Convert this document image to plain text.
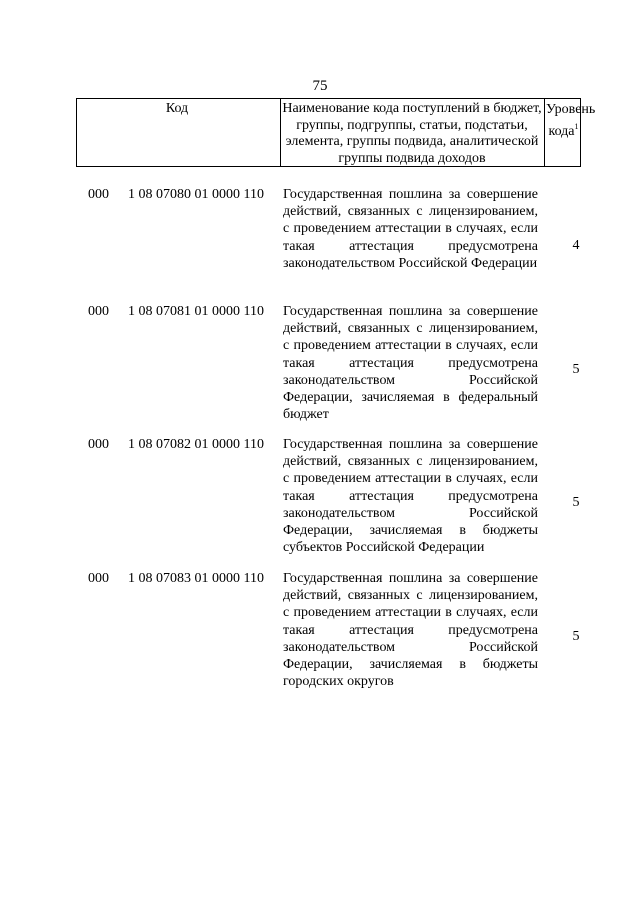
75
Код	Наименование кода поступлений в бюджет, группы, подгруппы, статьи, подстатьи, элемента, группы подвида, аналитической группы подвида доходов
Уровень кода$^1$
000 1 08 07080 01 0000 110 Государственная пошлина за совершение действий, связанных с лицензированием, с проведением аттестации в случаях, если такая аттестация предусмотрена законодательством Российской Федерации
4
000 1 08 07081 01 0000 110 Государственная пошлина за совершение действий, связанных с лицензированием, с проведением аттестации в случаях, если такая аттестация предусмотрена законодательством Российской Федерации, зачисляемая в федеральный бюджет
5
000 1 08 07082 01 0000 110 Государственная пошлина за совершение действий, связанных с лицензированием, с проведением аттестации в случаях, если такая аттестация предусмотрена законодательством Российской Федерации, зачисляемая в бюджеты субъектов Российской Федерации
5
000 1 08 07083 01 0000 110 Государственная пошлина за совершение действий, связанных с лицензированием, с проведением аттестации в случаях, если такая аттестация предусмотрена законодательством Российской Федерации, зачисляемая в бюджеты городских округов
5
